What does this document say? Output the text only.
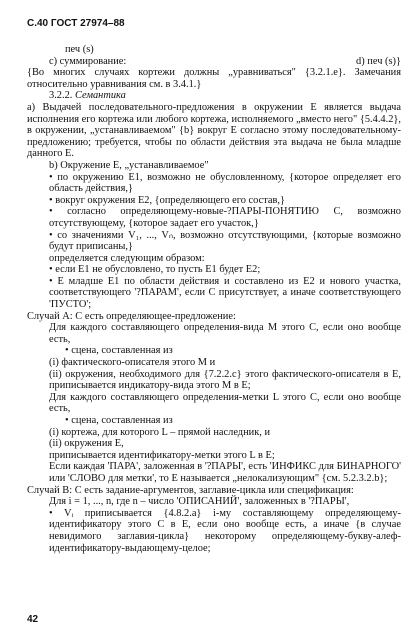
С.40 ГОСТ 27974–88

печ (s)

с) суммирование:	d) печ (s)}

{Во многих случаях кортежи должны „уравниваться" {3.2.1.е}. Замечания относительно уравнивания см. в 3.4.1.}

3.2.2. Семантика

а) Выдачей последовательного-предложения в окружении Е является выдача исполнения его кортежа или любого кортежа, исполняемого „вместо него" {5.4.4.2}, в окружении, „устанавливаемом" {b} вокруг Е согласно этому последовательному-предложению; требуется, чтобы по области действия эта выдача не была младше данного Е.

b) Окружение Е, „устанавливаемое"

• по окружению Е1, возможно не обусловленному, {которое определяет его область действия,}

• вокруг окружения Е2, {определяющего его состав,}

• согласно определяющему-новые-?ПАРЫ-ПОНЯТИЮ С, возможно отсутствующему, {которое задает его участок,}

• со значениями V₁, ..., Vₙ, возможно отсутствующими, {которые возможно будут приписаны,}

определяется следующим образом:

• если Е1 не обусловлено, то пусть Е1 будет Е2;

• Е младше Е1 по области действия и составлено из Е2 и нового участка, соответствующего '?ПАРАМ', если С присутствует, а иначе соответствующего 'ПУСТО';

Случай А: С есть определяющее-предложение:

Для каждого составляющего определения-вида М этого С, если оно вообще есть,

• сцена, составленная из

(i) фактического-описателя этого М и

(ii) окружения, необходимого для {7.2.2.с} этого фактического-описателя в Е, приписывается индикатору-вида этого М в Е;

Для каждого составляющего определения-метки L этого С, если оно вообще есть,

• сцена, составленная из

(i) кортежа, для которого L – прямой наследник, и

(ii) окружения Е,

приписывается идентификатору-метки этого L в Е;

Если каждая 'ПАРА', заложенная в '?ПАРЫ', есть 'ИНФИКС для БИНАРНОГО' или 'СЛОВО для метки', то Е называется „нелокализующим" {см. 5.2.3.2.b};

Случай В: С есть задание-аргументов, заглавие-цикла или спецификация:

Для i = 1, ..., n, где n – число 'ОПИСАНИЙ', заложенных в '?ПАРЫ',

• Vᵢ приписывается {4.8.2.а} i-му составляющему определяющему-идентификатору этого С в Е, если оно вообще есть, а иначе {в случае невидимого заглавия-цикла} некоторому определяющему-букву-алеф-идентификатору-выдающему-целое;

42
